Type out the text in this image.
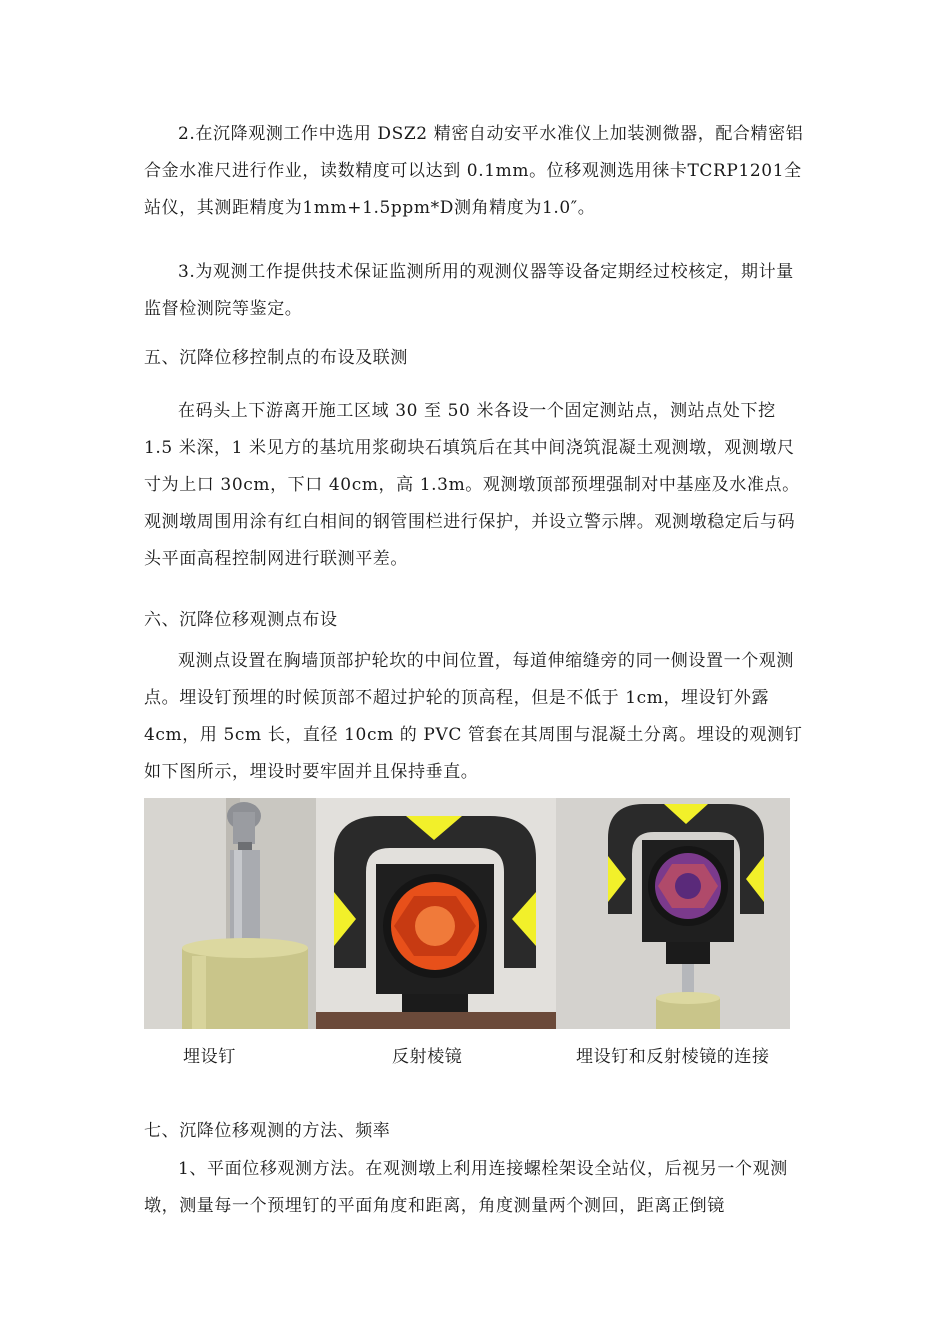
2.在沉降观测工作中选用 DSZ2 精密自动安平水准仪上加装测微器，配合精密铝合金水准尺进行作业，读数精度可以达到 0.1mm。位移观测选用徕卡TCRP1201全站仪，其测距精度为1mm+1.5ppm*D测角精度为1.0″。

3.为观测工作提供技术保证监测所用的观测仪器等设备定期经过校核定，期计量监督检测院等鉴定。

五、沉降位移控制点的布设及联测

在码头上下游离开施工区域 30 至 50 米各设一个固定测站点，测站点处下挖 1.5 米深，1 米见方的基坑用浆砌块石填筑后在其中间浇筑混凝土观测墩，观测墩尺寸为上口 30cm，下口 40cm，高 1.3m。观测墩顶部预埋强制对中基座及水准点。观测墩周围用涂有红白相间的钢管围栏进行保护，并设立警示牌。观测墩稳定后与码头平面高程控制网进行联测平差。

六、沉降位移观测点布设

观测点设置在胸墙顶部护轮坎的中间位置，每道伸缩缝旁的同一侧设置一个观测点。埋设钉预埋的时候顶部不超过护轮的顶高程，但是不低于 1cm，埋设钉外露 4cm，用 5cm 长，直径 10cm 的 PVC 管套在其周围与混凝土分离。埋设的观测钉如下图所示，埋设时要牢固并且保持垂直。

埋设钉	反射棱镜	埋设钉和反射棱镜的连接

七、沉降位移观测的方法、频率

1、平面位移观测方法。在观测墩上利用连接螺栓架设全站仪，后视另一个观测墩，测量每一个预埋钉的平面角度和距离，角度测量两个测回，距离正倒镜
